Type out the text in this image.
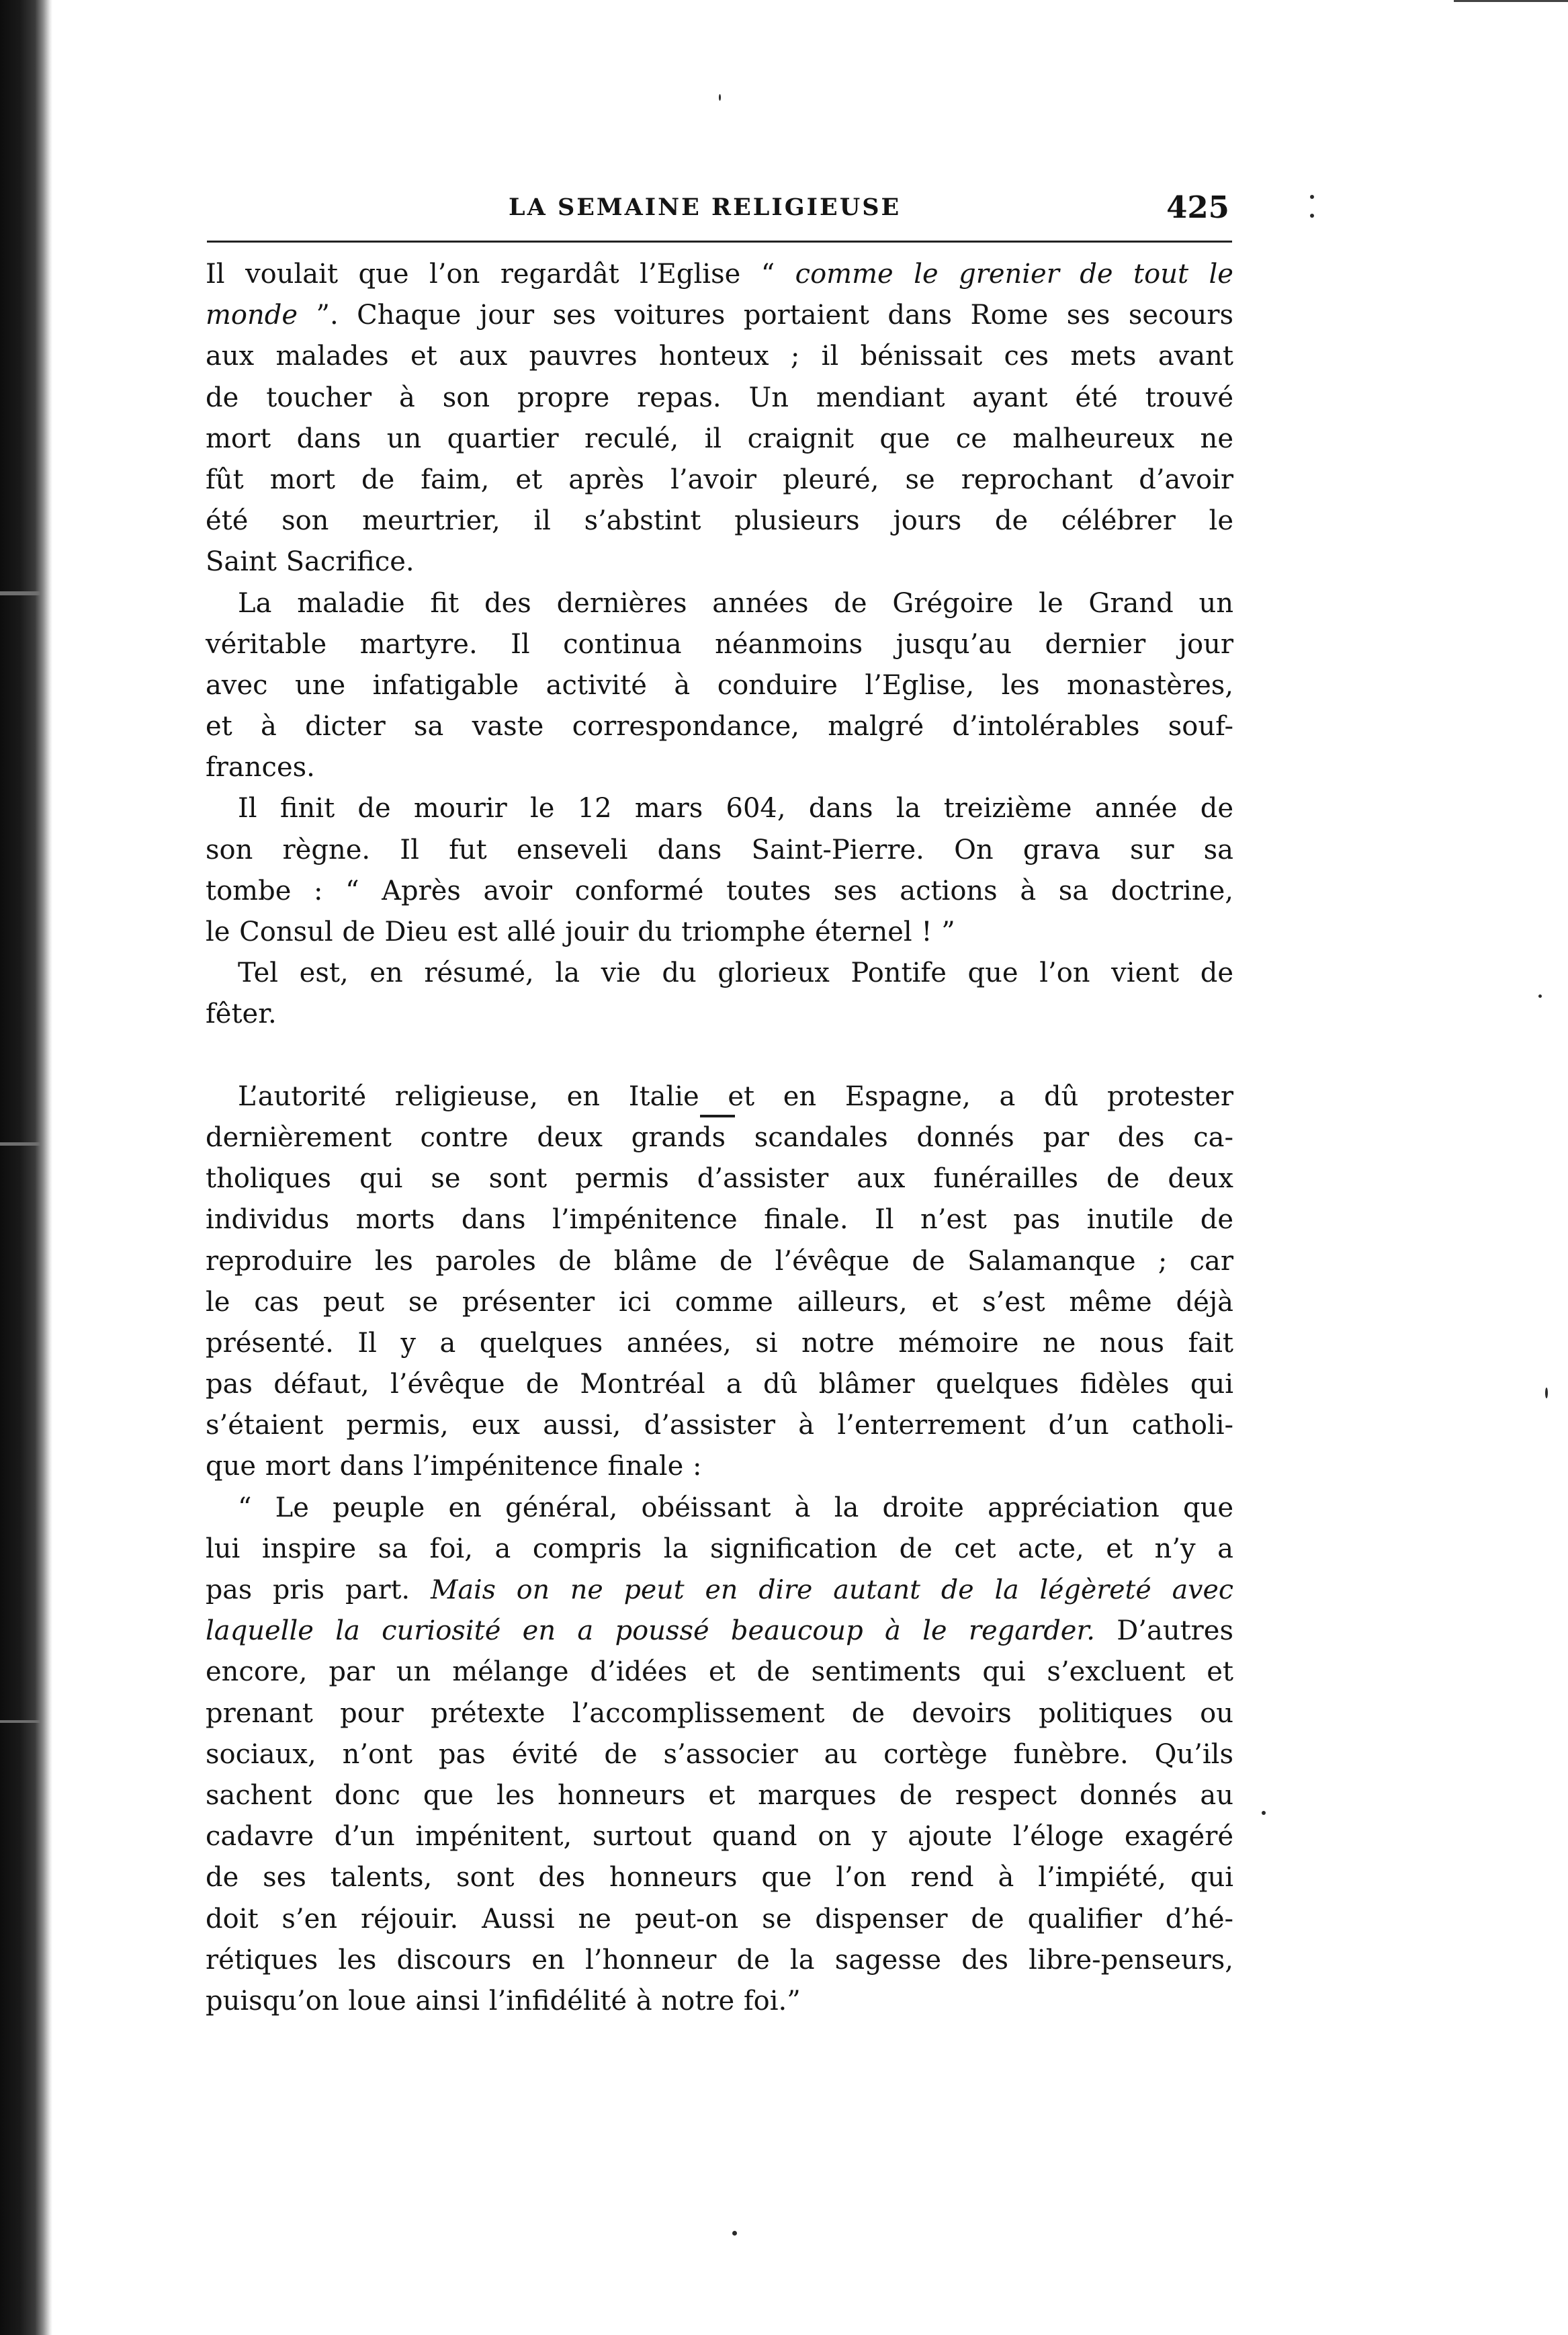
LA SEMAINE RELIGIEUSE	425
Il voulait que l’on regardât l’Eglise “ comme le grenier de tout le
monde ”. Chaque jour ses voitures portaient dans Rome ses secours
aux malades et aux pauvres honteux ; il bénissait ces mets avant
de toucher à son propre repas. Un mendiant ayant été trouvé
mort dans un quartier reculé, il craignit que ce malheureux ne
fût mort de faim, et après l’avoir pleuré, se reprochant d’avoir
été son meurtrier, il s’abstint plusieurs jours de célébrer le
Saint Sacrifice.
La maladie fit des dernières années de Grégoire le Grand un
véritable martyre. Il continua néanmoins jusqu’au dernier jour
avec une infatigable activité à conduire l’Eglise, les monastères,
et à dicter sa vaste correspondance, malgré d’intolérables souf-
frances.
Il finit de mourir le 12 mars 604, dans la treizième année de
son règne. Il fut enseveli dans Saint-Pierre. On grava sur sa
tombe : “ Après avoir conformé toutes ses actions à sa doctrine,
le Consul de Dieu est allé jouir du triomphe éternel ! ”
Tel est, en résumé, la vie du glorieux Pontife que l’on vient de
fêter.
L’autorité religieuse, en Italie et en Espagne, a dû protester
dernièrement contre deux grands scandales donnés par des ca-
tholiques qui se sont permis d’assister aux funérailles de deux
individus morts dans l’impénitence finale. Il n’est pas inutile de
reproduire les paroles de blâme de l’évêque de Salamanque ; car
le cas peut se présenter ici comme ailleurs, et s’est même déjà
présenté. Il y a quelques années, si notre mémoire ne nous fait
pas défaut, l’évêque de Montréal a dû blâmer quelques fidèles qui
s’étaient permis, eux aussi, d’assister à l’enterrement d’un catholi-
que mort dans l’impénitence finale :
“ Le peuple en général, obéissant à la droite appréciation que
lui inspire sa foi, a compris la signification de cet acte, et n’y a
pas pris part. Mais on ne peut en dire autant de la légèreté avec
laquelle la curiosité en a poussé beaucoup à le regarder. D’autres
encore, par un mélange d’idées et de sentiments qui s’excluent et
prenant pour prétexte l’accomplissement de devoirs politiques ou
sociaux, n’ont pas évité de s’associer au cortège funèbre. Qu’ils
sachent donc que les honneurs et marques de respect donnés au
cadavre d’un impénitent, surtout quand on y ajoute l’éloge exagéré
de ses talents, sont des honneurs que l’on rend à l’impiété, qui
doit s’en réjouir. Aussi ne peut-on se dispenser de qualifier d’hé-
rétiques les discours en l’honneur de la sagesse des libre-penseurs,
puisqu’on loue ainsi l’infidélité à notre foi.”
